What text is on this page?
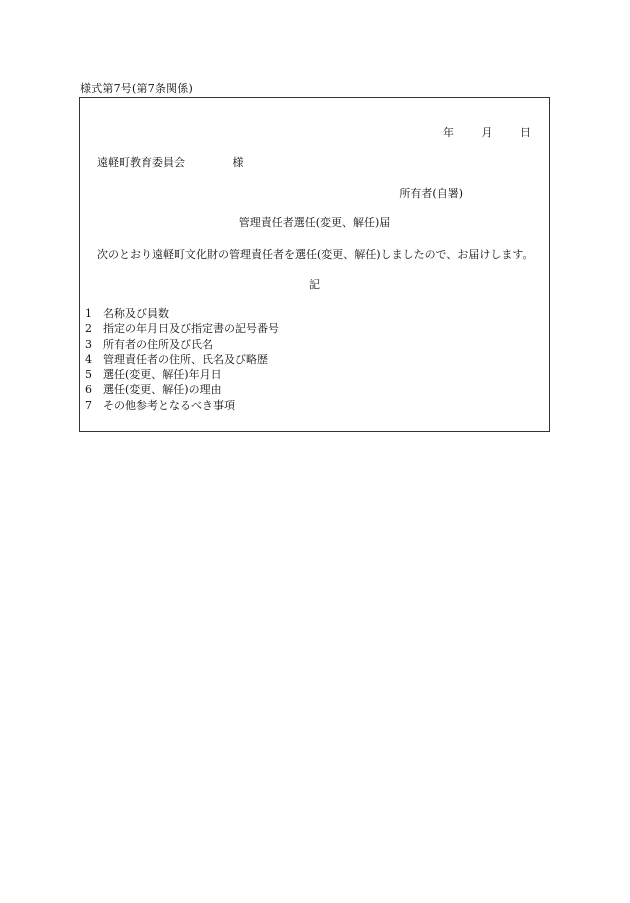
様式第7号(第7条関係)
年	月	日
遠軽町教育委員会	様
所有者(自署)
管理責任者選任(変更、解任)届
次のとおり遠軽町文化財の管理責任者を選任(変更、解任)しましたので、お届けします。
記
1 名称及び員数
2 指定の年月日及び指定書の記号番号
3 所有者の住所及び氏名
4 管理責任者の住所、氏名及び略歴
5 選任(変更、解任)年月日
6 選任(変更、解任)の理由
7 その他参考となるべき事項
